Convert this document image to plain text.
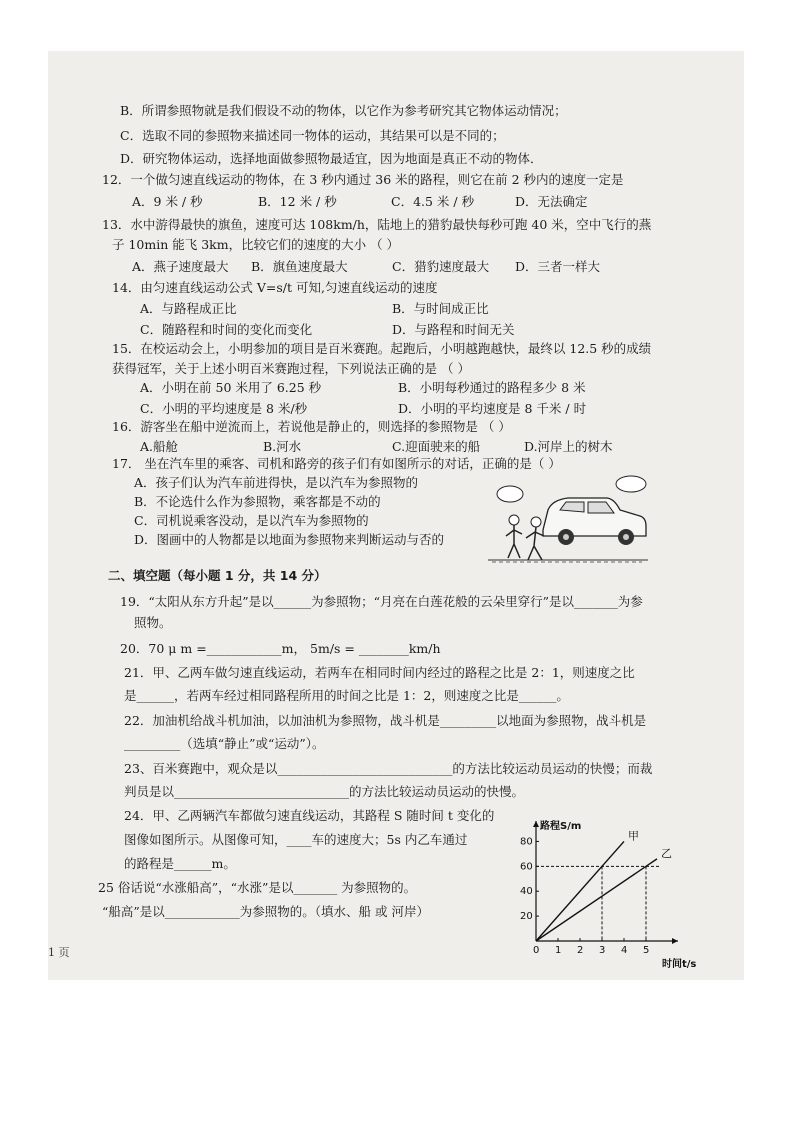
B．所谓参照物就是我们假设不动的物体，以它作为参考研究其它物体运动情况；
C．选取不同的参照物来描述同一物体的运动，其结果可以是不同的；
D．研究物体运动，选择地面做参照物最适宜，因为地面是真正不动的物体．
12．一个做匀速直线运动的物体，在 3 秒内通过 36 米的路程，则它在前 2 秒内的速度一定是
A．9 米 / 秒	B．12 米 / 秒	C．4.5 米 / 秒	D．无法确定
13．水中游得最快的旗鱼，速度可达 108km/h，陆地上的猎豹最快每秒可跑 40 米，空中飞行的燕
子 10min 能飞 3km，比较它们的速度的大小 （ ）
A．燕子速度最大 B．旗鱼速度最大	C．猎豹速度最大 D．三者一样大
14．由匀速直线运动公式 V=s/t 可知,匀速直线运动的速度
A．与路程成正比	B．与时间成正比
C．随路程和时间的变化而变化	D．与路程和时间无关
15．在校运动会上，小明参加的项目是百米赛跑。起跑后，小明越跑越快，最终以 12.5 秒的成绩
获得冠军，关于上述小明百米赛跑过程，下列说法正确的是 （ ）
A．小明在前 50 米用了 6.25 秒	B．小明每秒通过的路程多少 8 米
C．小明的平均速度是 8 米/秒	D．小明的平均速度是 8 千米 / 时
16．游客坐在船中逆流而上，若说他是静止的，则选择的参照物是 （ ）
A.船舱	B.河水	C.迎面驶来的船	D.河岸上的树木
17． 坐在汽车里的乘客、司机和路旁的孩子们有如图所示的对话，正确的是（ ）
A．孩子们认为汽车前进得快，是以汽车为参照物的
B．不论选什么作为参照物，乘客都是不动的
C．司机说乘客没动，是以汽车为参照物的
D．图画中的人物都是以地面为参照物来判断运动与否的
二、填空题（每小题 1 分，共 14 分）
19．“太阳从东方升起”是以______为参照物；“月亮在白莲花般的云朵里穿行”是以_______为参
照物。
20．70 μ m =____________m， 5m/s = ________km/h
21．甲、乙两车做匀速直线运动，若两车在相同时间内经过的路程之比是 2：1，则速度之比
是______，若两车经过相同路程所用的时间之比是 1：2，则速度之比是______。
22．加油机给战斗机加油，以加油机为参照物，战斗机是_________以地面为参照物，战斗机是
_________（选填“静止”或“运动”）。
23、百米赛跑中，观众是以____________________________的方法比较运动员运动的快慢；而裁
判员是以____________________________的方法比较运动员运动的快慢。
24．甲、乙两辆汽车都做匀速直线运动，其路程 S 随时间 t 变化的
图像如图所示。从图像可知，____车的速度大；5s 内乙车通过
的路程是______m。
25 俗话说“水涨船高”，“水涨”是以_______ 为参照物的。
“船高”是以____________为参照物的。（填水、船 或 河岸）
0 1 2 3 4 5
20
40
60
80	甲
乙
路程S/m
时间t/s
1 页
